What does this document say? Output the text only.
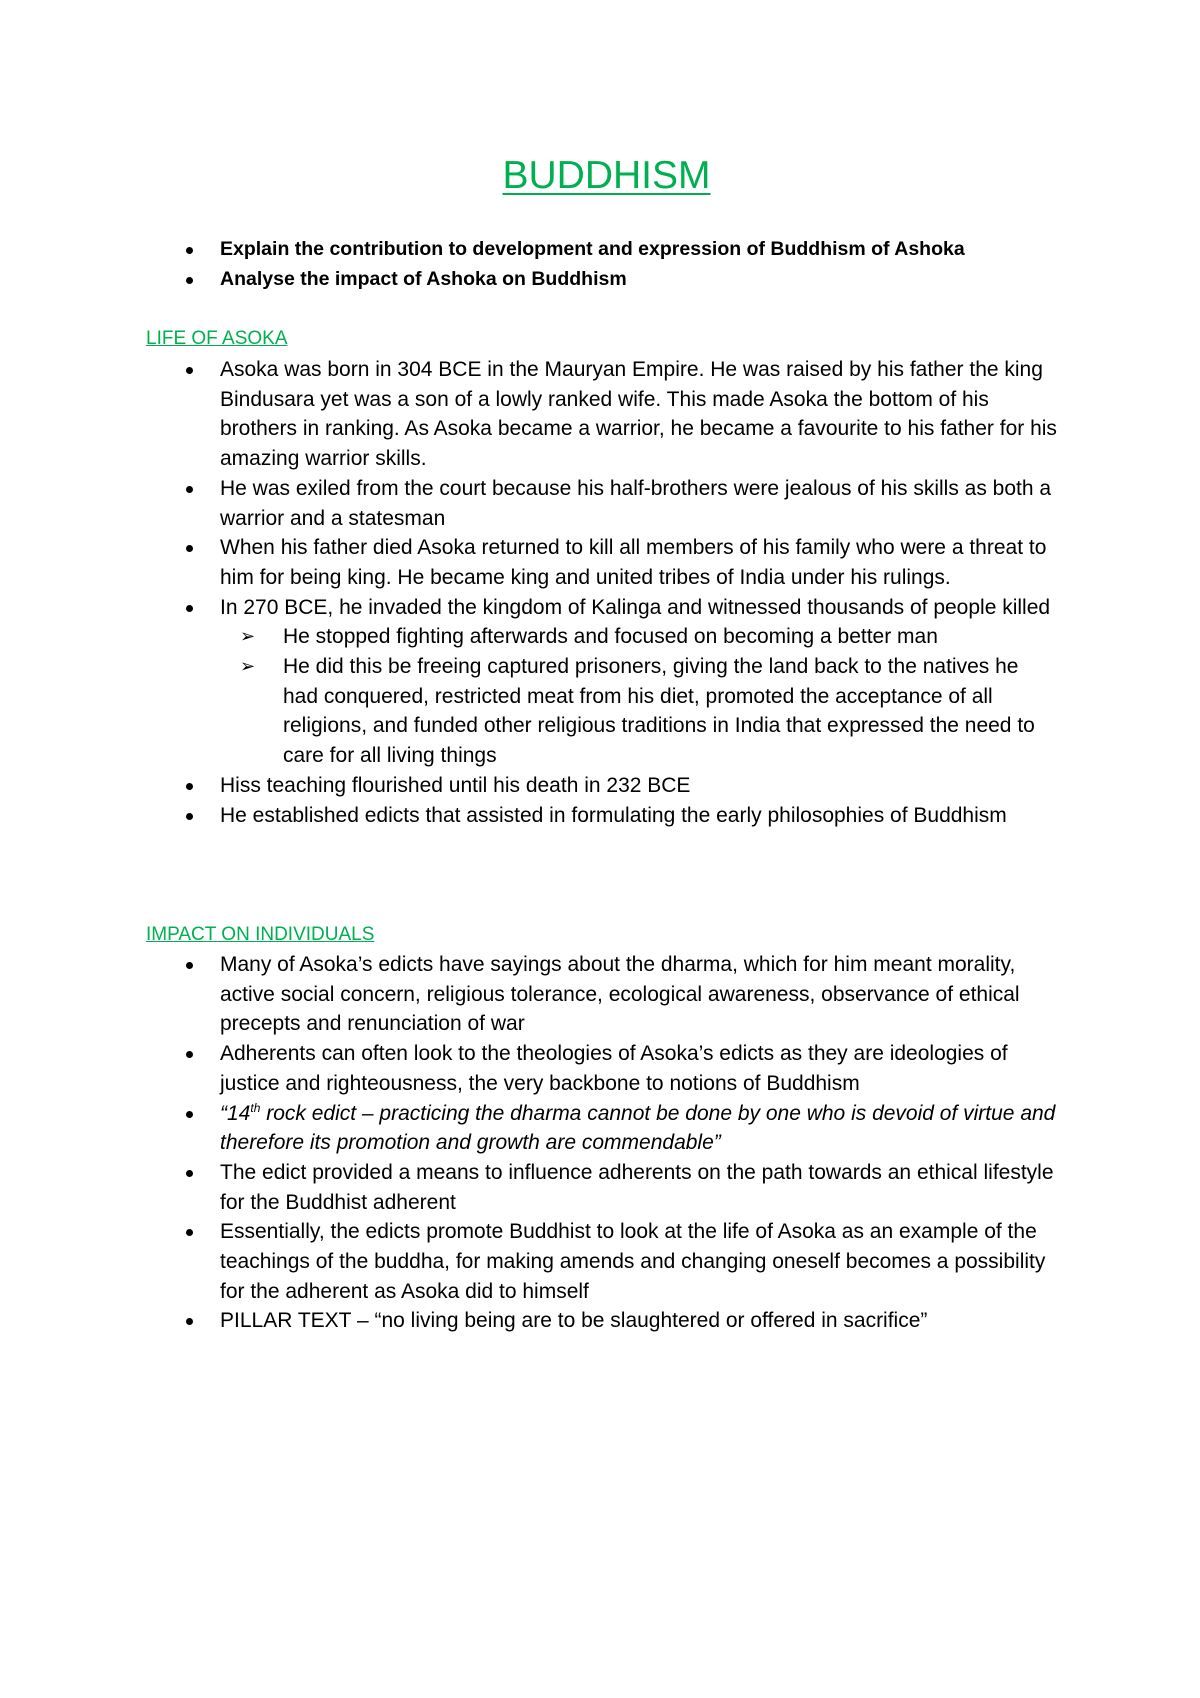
BUDDHISM
Explain the contribution to development and expression of Buddhism of Ashoka
Analyse the impact of Ashoka on Buddhism
LIFE OF ASOKA
Asoka was born in 304 BCE in the Mauryan Empire. He was raised by his father the king Bindusara yet was a son of a lowly ranked wife. This made Asoka the bottom of his brothers in ranking. As Asoka became a warrior, he became a favourite to his father for his amazing warrior skills.
He was exiled from the court because his half-brothers were jealous of his skills as both a warrior and a statesman
When his father died Asoka returned to kill all members of his family who were a threat to him for being king. He became king and united tribes of India under his rulings.
In 270 BCE, he invaded the kingdom of Kalinga and witnessed thousands of people killed
➢ He stopped fighting afterwards and focused on becoming a better man
➢ He did this be freeing captured prisoners, giving the land back to the natives he had conquered, restricted meat from his diet, promoted the acceptance of all religions, and funded other religious traditions in India that expressed the need to care for all living things
Hiss teaching flourished until his death in 232 BCE
He established edicts that assisted in formulating the early philosophies of Buddhism
IMPACT ON INDIVIDUALS
Many of Asoka’s edicts have sayings about the dharma, which for him meant morality, active social concern, religious tolerance, ecological awareness, observance of ethical precepts and renunciation of war
Adherents can often look to the theologies of Asoka’s edicts as they are ideologies of justice and righteousness, the very backbone to notions of Buddhism
“14th rock edict – practicing the dharma cannot be done by one who is devoid of virtue and therefore its promotion and growth are commendable”
The edict provided a means to influence adherents on the path towards an ethical lifestyle for the Buddhist adherent
Essentially, the edicts promote Buddhist to look at the life of Asoka as an example of the teachings of the buddha, for making amends and changing oneself becomes a possibility for the adherent as Asoka did to himself
PILLAR TEXT – “no living being are to be slaughtered or offered in sacrifice”
